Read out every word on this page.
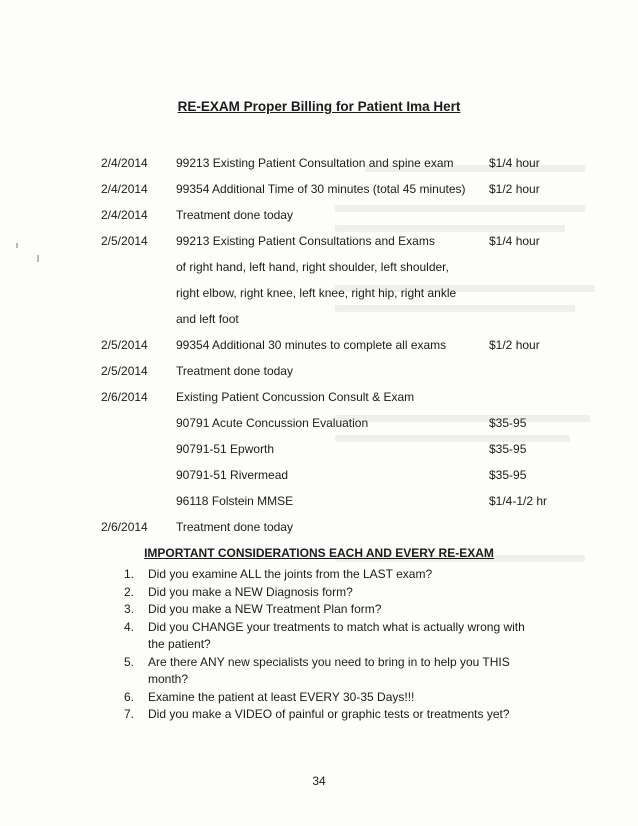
RE-EXAM Proper Billing for Patient Ima Hert
2/4/2014 99213 Existing Patient Consultation and spine exam	$1/4 hour
2/4/2014 99354 Additional Time of 30 minutes (total 45 minutes) $1/2 hour
2/4/2014 Treatment done today
2/5/2014 99213 Existing Patient Consultations and Exams	$1/4 hour
of right hand, left hand, right shoulder, left shoulder,
right elbow, right knee, left knee, right hip, right ankle
and left foot
2/5/2014 99354 Additional 30 minutes to complete all exams	$1/2 hour
2/5/2014 Treatment done today
2/6/2014 Existing Patient Concussion Consult & Exam
90791 Acute Concussion Evaluation	$35-95
90791-51 Epworth	$35-95
90791-51 Rivermead	$35-95
96118 Folstein MMSE	$1/4-1/2 hr
2/6/2014 Treatment done today
IMPORTANT CONSIDERATIONS EACH AND EVERY RE-EXAM
1. Did you examine ALL the joints from the LAST exam?
2. Did you make a NEW Diagnosis form?
3. Did you make a NEW Treatment Plan form?
4. Did you CHANGE your treatments to match what is actually wrong with the patient?
5. Are there ANY new specialists you need to bring in to help you THIS month?
6. Examine the patient at least EVERY 30-35 Days!!!
7. Did you make a VIDEO of painful or graphic tests or treatments yet?
34
